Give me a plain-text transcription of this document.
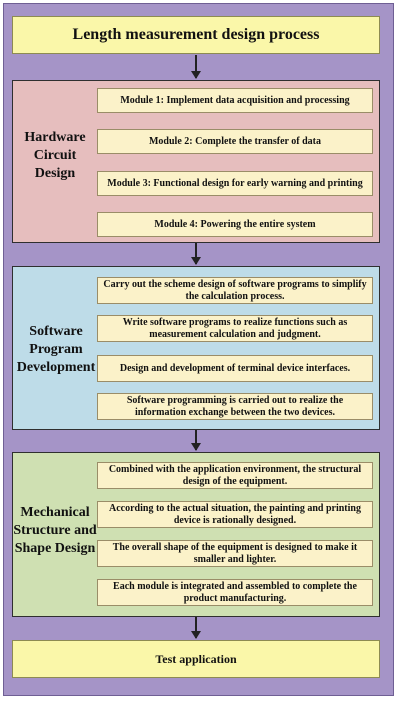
Length measurement design process
Hardware Circuit Design
Module 1: Implement data acquisition and processing
Module 2: Complete the transfer of data
Module 3: Functional design for early warning and printing
Module 4: Powering the entire system
Software Program Development
Carry out the scheme design of software programs to simplify the calculation process.
Write software programs to realize functions such as measurement calculation and judgment.
Design and development of terminal device interfaces.
Software programming is carried out to realize the information exchange between the two devices.
Mechanical Structure and Shape Design
Combined with the application environment, the structural design of the equipment.
According to the actual situation, the painting and printing device is rationally designed.
The overall shape of the equipment is designed to make it smaller and lighter.
Each module is integrated and assembled to complete the product manufacturing.
Test application
